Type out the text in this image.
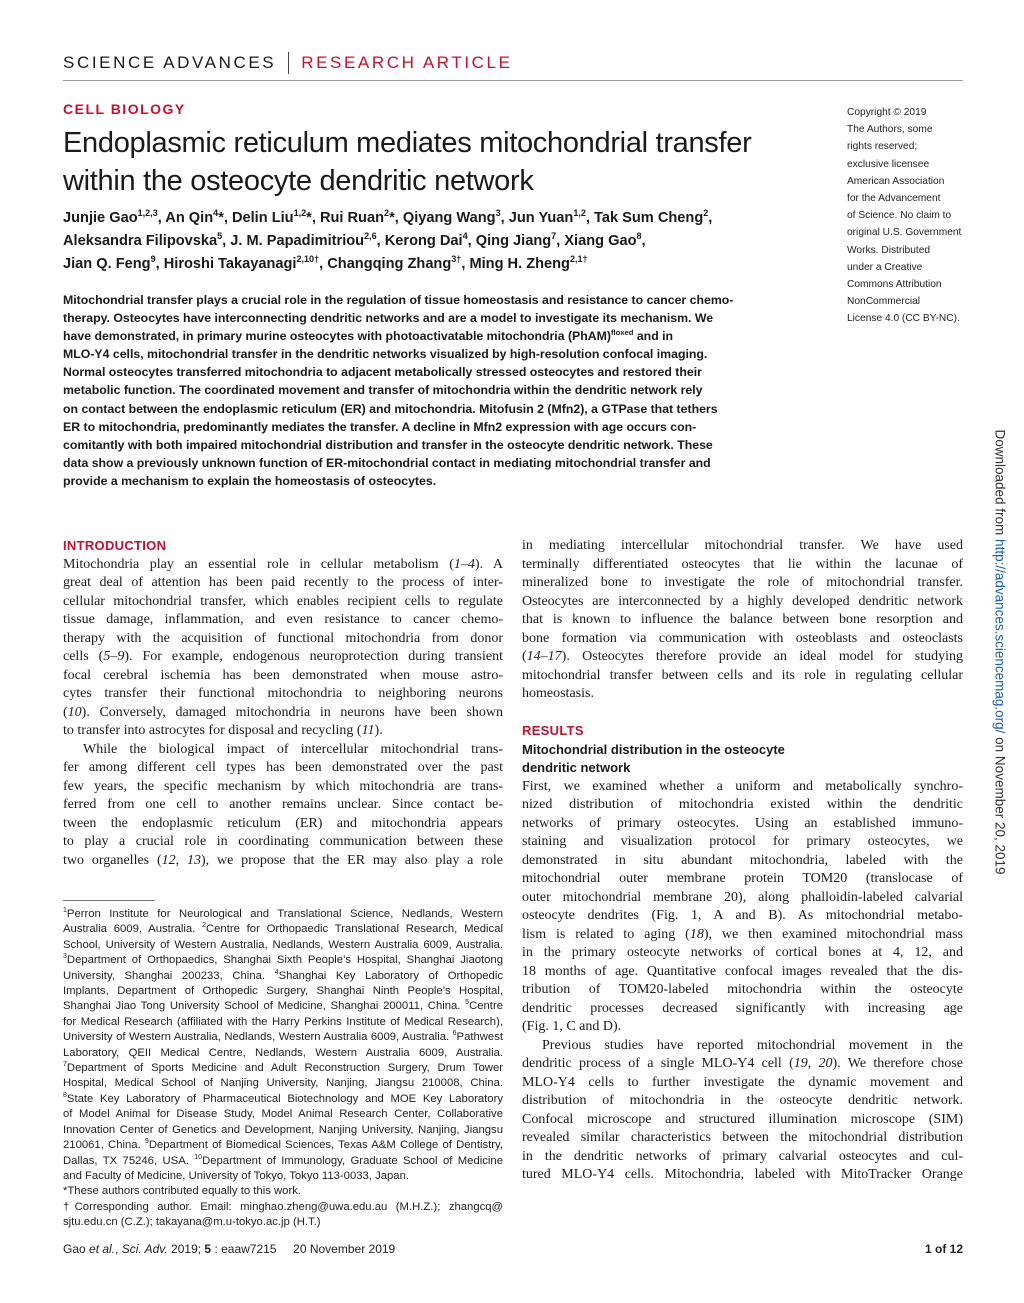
SCIENCE ADVANCES RESEARCH ARTICLE
CELL BIOLOGY
Endoplasmic reticulum mediates mitochondrial transfer
within the osteocyte dendritic network
Junjie Gao$^{1,2,3}$, An Qin$^4$*, Delin Liu$^{1,2}$*, Rui Ruan$^2$*, Qiyang Wang$^3$, Jun Yuan$^{1,2}$, Tak Sum Cheng$^2$,
Aleksandra Filipovska$^5$, J. M. Papadimitriou$^{2,6}$, Kerong Dai$^4$, Qing Jiang$^7$, Xiang Gao$^8$,
Jian Q. Feng$^9$, Hiroshi Takayanagi$^{2,10\dagger}$, Changqing Zhang$^{3\dagger}$, Ming H. Zheng$^{2,1\dagger}$
Copyright © 2019
The Authors, some
rights reserved;
exclusive licensee
American Association
for the Advancement
of Science. No claim to
original U.S. Government
Works. Distributed
under a Creative
Commons Attribution
NonCommercial
License 4.0 (CC BY-NC).
Mitochondrial transfer plays a crucial role in the regulation of tissue homeostasis and resistance to cancer chemo-
therapy. Osteocytes have interconnecting dendritic networks and are a model to investigate its mechanism. We
have demonstrated, in primary murine osteocytes with photoactivatable mitochondria (PhAM)$^{floxed}$ and in
MLO-Y4 cells, mitochondrial transfer in the dendritic networks visualized by high-resolution confocal imaging.
Normal osteocytes transferred mitochondria to adjacent metabolically stressed osteocytes and restored their
metabolic function. The coordinated movement and transfer of mitochondria within the dendritic network rely
on contact between the endoplasmic reticulum (ER) and mitochondria. Mitofusin 2 (Mfn2), a GTPase that tethers
ER to mitochondria, predominantly mediates the transfer. A decline in Mfn2 expression with age occurs con-
comitantly with both impaired mitochondrial distribution and transfer in the osteocyte dendritic network. These
data show a previously unknown function of ER-mitochondrial contact in mediating mitochondrial transfer and
provide a mechanism to explain the homeostasis of osteocytes.	Downloaded from http://advances.sciencemag.org/ on November 20, 2019
INTRODUCTION
Mitochondria play an essential role in cellular metabolism (1–4). A
great deal of attention has been paid recently to the process of inter-
cellular mitochondrial transfer, which enables recipient cells to regulate
tissue damage, inflammation, and even resistance to cancer chemo-
therapy with the acquisition of functional mitochondria from donor
cells (5–9). For example, endogenous neuroprotection during transient
focal cerebral ischemia has been demonstrated when mouse astro-
cytes transfer their functional mitochondria to neighboring neurons
(10). Conversely, damaged mitochondria in neurons have been shown
to transfer into astrocytes for disposal and recycling (11).
While the biological impact of intercellular mitochondrial trans-
fer among different cell types has been demonstrated over the past
few years, the specific mechanism by which mitochondria are trans-
ferred from one cell to another remains unclear. Since contact be-
tween the endoplasmic reticulum (ER) and mitochondria appears
to play a crucial role in coordinating communication between these
two organelles (12, 13), we propose that the ER may also play a role
$^1$Perron Institute for Neurological and Translational Science, Nedlands, Western
Australia 6009, Australia. $^2$Centre for Orthopaedic Translational Research, Medical
School, University of Western Australia, Nedlands, Western Australia 6009, Australia.
$^3$Department of Orthopaedics, Shanghai Sixth People’s Hospital, Shanghai Jiaotong
University, Shanghai 200233, China. $^4$Shanghai Key Laboratory of Orthopedic
Implants, Department of Orthopedic Surgery, Shanghai Ninth People’s Hospital,
Shanghai Jiao Tong University School of Medicine, Shanghai 200011, China. $^5$Centre
for Medical Research (affiliated with the Harry Perkins Institute of Medical Research),
University of Western Australia, Nedlands, Western Australia 6009, Australia. $^6$Pathwest
Laboratory, QEII Medical Centre, Nedlands, Western Australia 6009, Australia.
$^7$Department of Sports Medicine and Adult Reconstruction Surgery, Drum Tower
Hospital, Medical School of Nanjing University, Nanjing, Jiangsu 210008, China.
$^8$State Key Laboratory of Pharmaceutical Biotechnology and MOE Key Laboratory
of Model Animal for Disease Study, Model Animal Research Center, Collaborative
Innovation Center of Genetics and Development, Nanjing University, Nanjing, Jiangsu
210061, China. $^9$Department of Biomedical Sciences, Texas A&M College of Dentistry,
Dallas, TX 75246, USA. $^{10}$Department of Immunology, Graduate School of Medicine
and Faculty of Medicine, University of Tokyo, Tokyo 113-0033, Japan.
*These authors contributed equally to this work.
†Corresponding author. Email: minghao.zheng@uwa.edu.au (M.H.Z.); zhangcq@
sjtu.edu.cn (C.Z.); takayana@m.u-tokyo.ac.jp (H.T.)
in mediating intercellular mitochondrial transfer. We have used
terminally differentiated osteocytes that lie within the lacunae of
mineralized bone to investigate the role of mitochondrial transfer.
Osteocytes are interconnected by a highly developed dendritic network
that is known to influence the balance between bone resorption and
bone formation via communication with osteoblasts and osteoclasts
(14–17). Osteocytes therefore provide an ideal model for studying
mitochondrial transfer between cells and its role in regulating cellular
homeostasis.

RESULTS
Mitochondrial distribution in the osteocyte
dendritic network
First, we examined whether a uniform and metabolically synchro-
nized distribution of mitochondria existed within the dendritic
networks of primary osteocytes. Using an established immuno-
staining and visualization protocol for primary osteocytes, we
demonstrated in situ abundant mitochondria, labeled with the
mitochondrial outer membrane protein TOM20 (translocase of
outer mitochondrial membrane 20), along phalloidin-labeled calvarial
osteocyte dendrites (Fig. 1, A and B). As mitochondrial metabo-
lism is related to aging (18), we then examined mitochondrial mass
in the primary osteocyte networks of cortical bones at 4, 12, and
18 months of age. Quantitative confocal images revealed that the dis-
tribution of TOM20-labeled mitochondria within the osteocyte
dendritic processes decreased significantly with increasing age
(Fig. 1, C and D).
Previous studies have reported mitochondrial movement in the
dendritic process of a single MLO-Y4 cell (19, 20). We therefore chose
MLO-Y4 cells to further investigate the dynamic movement and
distribution of mitochondria in the osteocyte dendritic network.
Confocal microscope and structured illumination microscope (SIM)
revealed similar characteristics between the mitochondrial distribution
in the dendritic networks of primary calvarial osteocytes and cul-
tured MLO-Y4 cells. Mitochondria, labeled with MitoTracker Orange
Gao et al., Sci. Adv. 2019; 5 : eaaw7215     20 November 2019	1 of 12
